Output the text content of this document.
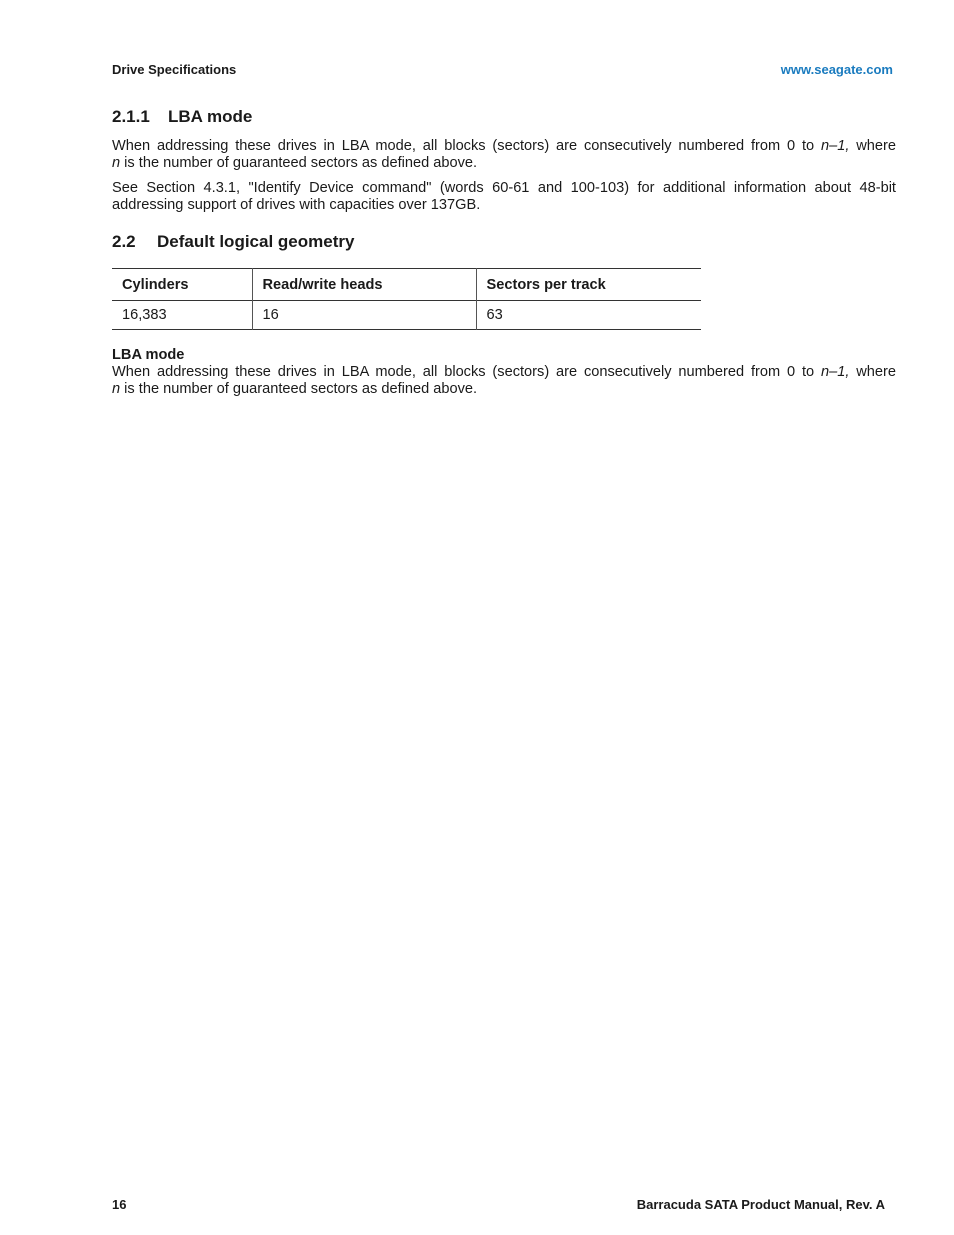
Drive Specifications	www.seagate.com
2.1.1 LBA mode

When addressing these drives in LBA mode, all blocks (sectors) are consecutively numbered from 0 to n–1, where
n is the number of guaranteed sectors as defined above.

See Section 4.3.1, "Identify Device command" (words 60-61 and 100-103) for additional information about 48-bit
addressing support of drives with capacities over 137GB.

2.2 Default logical geometry
Cylinders	Read/write heads	Sectors per track
16,383	16	63
LBA mode

When addressing these drives in LBA mode, all blocks (sectors) are consecutively numbered from 0 to n–1, where
n is the number of guaranteed sectors as defined above.

16	Barracuda SATA Product Manual, Rev. A
